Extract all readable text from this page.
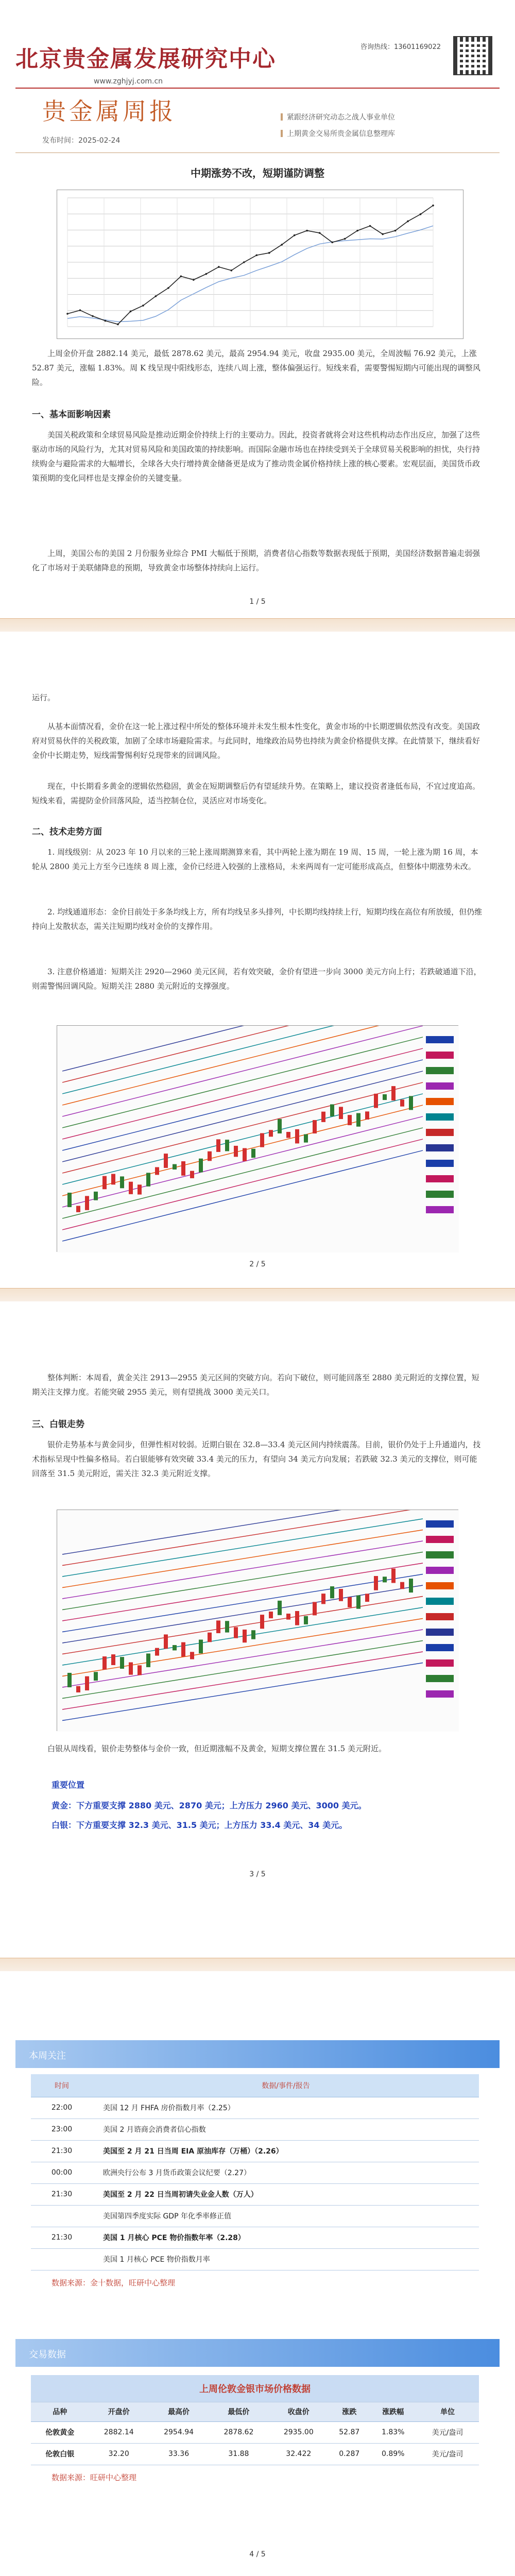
北京贵金属发展研究中心
www.zghjyj.com.cn
咨询热线：13601169022
贵金属周报
发布时间：2025-02-24
紧跟经济研究动态之战人事业单位
上期黄金交易所贵金属信息整理库
中期涨势不改，短期谨防调整
上周金价开盘 2882.14 美元，最低 2878.62 美元，最高 2954.94 美元，收盘 2935.00 美元，全周波幅 76.92 美元，上涨 52.87 美元，涨幅 1.83%。周 K 线呈现中阳线形态，连续八周上涨，整体偏强运行。短线来看，需要警惕短期内可能出现的调整风险。
一、基本面影响因素
美国关税政策和全球贸易风险是推动近期金价持续上行的主要动力。因此，投资者就将会对这些机构动态作出反应，加强了这些驱动市场的风险行为，尤其对贸易风险和美国政策的持续影响。而国际金融市场也在持续受到关于全球贸易关税影响的担忧，央行持续购金与避险需求的大幅增长，全球各大央行增持黄金储备更是成为了推动贵金属价格持续上涨的核心要素。宏观层面，美国货币政策预期的变化同样也是支撑金价的关键变量。
上周，美国公布的美国 2 月份服务业综合 PMI 大幅低于预期，消费者信心指数等数据表现低于预期，美国经济数据普遍走弱强化了市场对于美联储降息的预期，导致黄金市场整体持续向上运行。
1 / 5
运行。
从基本面情况看，金价在这一轮上涨过程中所处的整体环境并未发生根本性变化，黄金市场的中长期逻辑依然没有改变。美国政府对贸易伙伴的关税政策，加剧了全球市场避险需求。与此同时，地缘政治局势也持续为黄金价格提供支撑。在此情景下，继续看好金价中长期走势，短线需警惕利好兑现带来的回调风险。
现在，中长期看多黄金的逻辑依然稳固，黄金在短期调整后仍有望延续升势。在策略上，建议投资者逢低布局，不宜过度追高。短线来看，需提防金价回落风险，适当控制仓位，灵活应对市场变化。
二、技术走势方面
1. 周线级别：从 2023 年 10 月以来的三轮上涨周期测算来看，其中两轮上涨为期在 19 周、15 周，一轮上涨为期 16 周，本轮从 2800 美元上方至今已连续 8 周上涨，金价已经进入较强的上涨格局，未来两周有一定可能形成高点，但整体中期涨势未改。
2. 均线通道形态：金价目前处于多条均线上方，所有均线呈多头排列，中长期均线持续上行，短期均线在高位有所放缓，但仍维持向上发散状态，需关注短期均线对金价的支撑作用。
3. 注意价格通道：短期关注 2920—2960 美元区间，若有效突破，金价有望进一步向 3000 美元方向上行；若跌破通道下沿，则需警惕回调风险。短期关注 2880 美元附近的支撑强度。
2 / 5
整体判断：本周看，黄金关注 2913—2955 美元区间的突破方向。若向下破位，则可能回落至 2880 美元附近的支撑位置，短期关注支撑力度。若能突破 2955 美元，则有望挑战 3000 美元关口。
三、白银走势
银价走势基本与黄金同步，但弹性相对较弱。近期白银在 32.8—33.4 美元区间内持续震荡。目前，银价仍处于上升通道内，技术指标呈现中性偏多格局。若白银能够有效突破 33.4 美元的压力，有望向 34 美元方向发展；若跌破 32.3 美元的支撑位，则可能回落至 31.5 美元附近，需关注 32.3 美元附近支撑。
白银从周线看，银价走势整体与金价一致，但近期涨幅不及黄金，短期支撑位置在 31.5 美元附近。
重要位置
黄金：下方重要支撑 2880 美元、2870 美元；上方压力 2960 美元、3000 美元。
白银：下方重要支撑 32.3 美元、31.5 美元；上方压力 33.4 美元、34 美元。
3 / 5
本周关注
时间	数据/事件/报告
22:00	美国 12 月 FHFA 房价指数月率（2.25）
23:00	美国 2 月谘商会消费者信心指数
21:30	美国至 2 月 21 日当周 EIA 原油库存（万桶）（2.26）
00:00	欧洲央行公布 3 月货币政策会议纪要（2.27）
21:30	美国至 2 月 22 日当周初请失业金人数（万人）
	美国第四季度实际 GDP 年化季率修正值
21:30	美国 1 月核心 PCE 物价指数年率（2.28）
	美国 1 月核心 PCE 物价指数月率
数据来源：金十数据，旺研中心整理
交易数据
上周伦敦金银市场价格数据							
品种	开盘价	最高价	最低价	收盘价	涨跌	涨跌幅	单位
伦敦黄金	2882.14	2954.94	2878.62	2935.00	52.87	1.83%	美元/盎司
伦敦白银	32.20	33.36	31.88	32.422	0.287	0.89%	美元/盎司
数据来源：旺研中心整理
4 / 5
